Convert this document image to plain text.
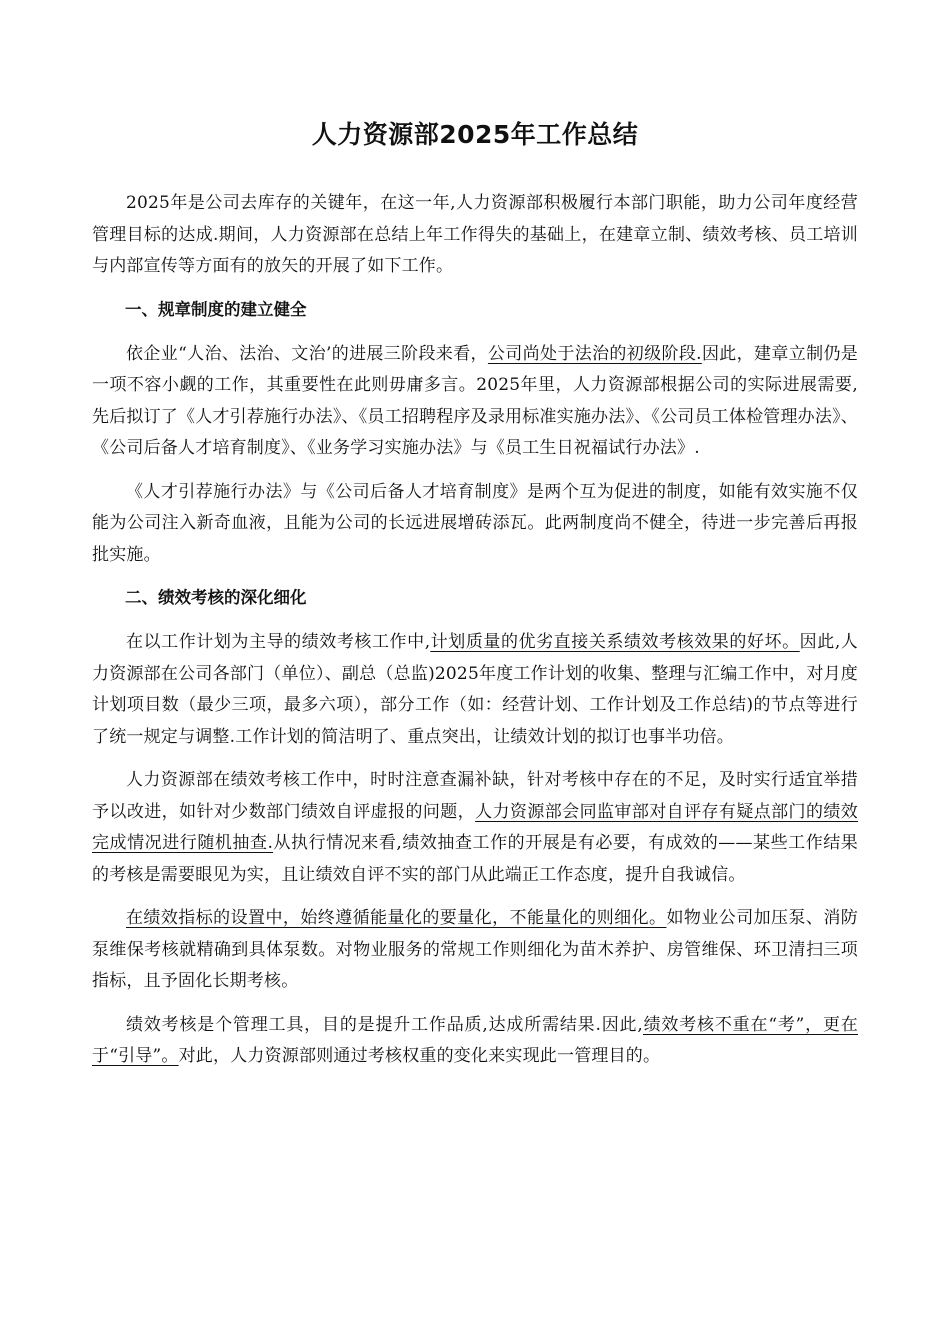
人力资源部2025年工作总结

2025年是公司去库存的关键年，在这一年,人力资源部积极履行本部门职能，助力公司年度经营管理目标的达成.期间，人力资源部在总结上年工作得失的基础上，在建章立制、绩效考核、员工培训与内部宣传等方面有的放矢的开展了如下工作。

一、规章制度的建立健全

依企业“人治、法治、文治’的进展三阶段来看，公司尚处于法治的初级阶段.因此，建章立制仍是一项不容小觑的工作，其重要性在此则毋庸多言。2025年里，人力资源部根据公司的实际进展需要,先后拟订了《人才引荐施行办法》、《员工招聘程序及录用标准实施办法》、《公司员工体检管理办法》、《公司后备人才培育制度》、《业务学习实施办法》与《员工生日祝福试行办法》.

《人才引荐施行办法》与《公司后备人才培育制度》是两个互为促进的制度，如能有效实施不仅能为公司注入新奇血液，且能为公司的长远进展增砖添瓦。此两制度尚不健全，待进一步完善后再报批实施。

二、绩效考核的深化细化

在以工作计划为主导的绩效考核工作中,计划质量的优劣直接关系绩效考核效果的好坏。因此,人力资源部在公司各部门（单位）、副总（总监)2025年度工作计划的收集、整理与汇编工作中，对月度计划项目数（最少三项，最多六项），部分工作（如：经营计划、工作计划及工作总结)的节点等进行了统一规定与调整.工作计划的简洁明了、重点突出，让绩效计划的拟订也事半功倍。

人力资源部在绩效考核工作中，时时注意查漏补缺，针对考核中存在的不足，及时实行适宜举措予以改进，如针对少数部门绩效自评虚报的问题，人力资源部会同监审部对自评存有疑点部门的绩效完成情况进行随机抽查.从执行情况来看,绩效抽查工作的开展是有必要，有成效的——某些工作结果的考核是需要眼见为实，且让绩效自评不实的部门从此端正工作态度，提升自我诚信。

在绩效指标的设置中，始终遵循能量化的要量化，不能量化的则细化。如物业公司加压泵、消防泵维保考核就精确到具体泵数。对物业服务的常规工作则细化为苗木养护、房管维保、环卫清扫三项指标，且予固化长期考核。

绩效考核是个管理工具，目的是提升工作品质,达成所需结果.因此,绩效考核不重在“考”，更在于“引导”。对此，人力资源部则通过考核权重的变化来实现此一管理目的。
